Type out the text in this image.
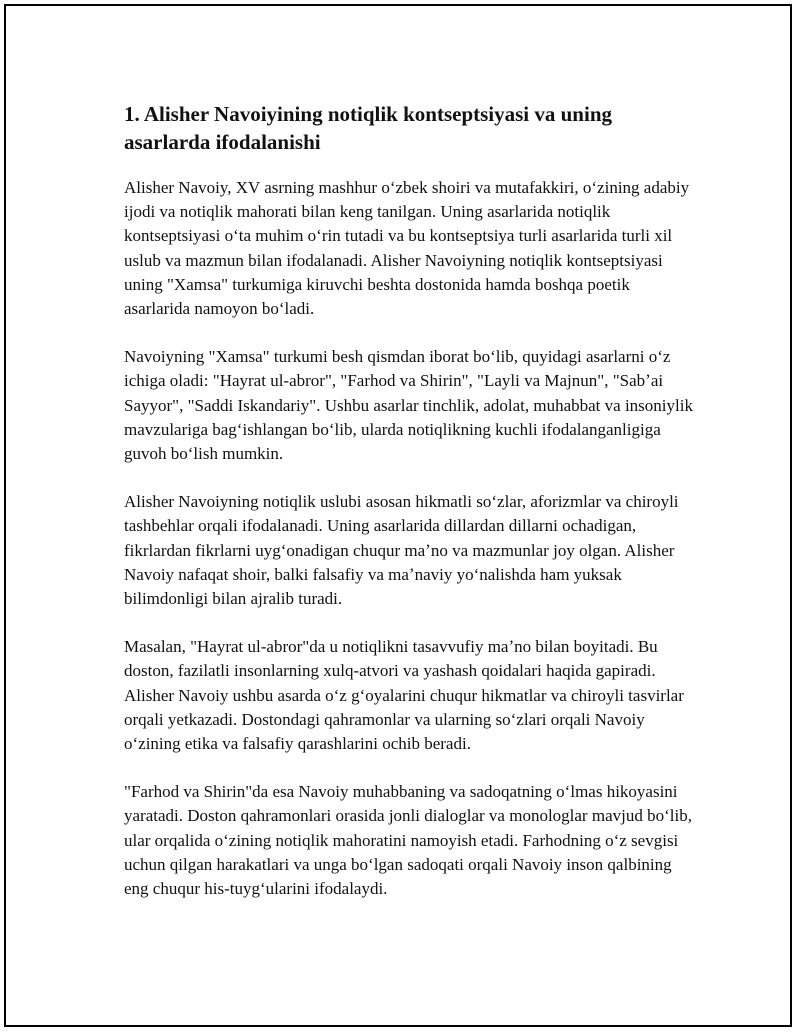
1. Alisher Navoiyining notiqlik kontseptsiyasi va uning asarlarda ifodalanishi

Alisher Navoiy, XV asrning mashhur oʻzbek shoiri va mutafakkiri, oʻzining adabiy ijodi va notiqlik mahorati bilan keng tanilgan. Uning asarlarida notiqlik kontseptsiyasi oʻta muhim oʻrin tutadi va bu kontseptsiya turli asarlarida turli xil uslub va mazmun bilan ifodalanadi. Alisher Navoiyning notiqlik kontseptsiyasi uning "Xamsa" turkumiga kiruvchi beshta dostonida hamda boshqa poetik asarlarida namoyon boʻladi.

Navoiyning "Xamsa" turkumi besh qismdan iborat boʻlib, quyidagi asarlarni oʻz ichiga oladi: "Hayrat ul-abror", "Farhod va Shirin", "Layli va Majnun", "Sabʼai Sayyor", "Saddi Iskandariy". Ushbu asarlar tinchlik, adolat, muhabbat va insoniylik mavzulariga bagʻishlangan boʻlib, ularda notiqlikning kuchli ifodalanganligiga guvoh boʻlish mumkin.

Alisher Navoiyning notiqlik uslubi asosan hikmatli soʻzlar, aforizmlar va chiroyli tashbehlar orqali ifodalanadi. Uning asarlarida dillardan dillarni ochadigan, fikrlardan fikrlarni uygʻonadigan chuqur maʼno va mazmunlar joy olgan. Alisher Navoiy nafaqat shoir, balki falsafiy va maʼnaviy yoʻnalishda ham yuksak bilimdonligi bilan ajralib turadi.

Masalan, "Hayrat ul-abror"da u notiqlikni tasavvufiy maʼno bilan boyitadi. Bu doston, fazilatli insonlarning xulq-atvori va yashash qoidalari haqida gapiradi. Alisher Navoiy ushbu asarda oʻz gʻoyalarini chuqur hikmatlar va chiroyli tasvirlar orqali yetkazadi. Dostondagi qahramonlar va ularning soʻzlari orqali Navoiy oʻzining etika va falsafiy qarashlarini ochib beradi.

"Farhod va Shirin"da esa Navoiy muhabbaning va sadoqatning oʻlmas hikoyasini yaratadi. Doston qahramonlari orasida jonli dialoglar va monologlar mavjud boʻlib, ular orqalida oʻzining notiqlik mahoratini namoyish etadi. Farhodning oʻz sevgisi uchun qilgan harakatlari va unga boʻlgan sadoqati orqali Navoiy inson qalbining eng chuqur his-tuygʻularini ifodalaydi.
